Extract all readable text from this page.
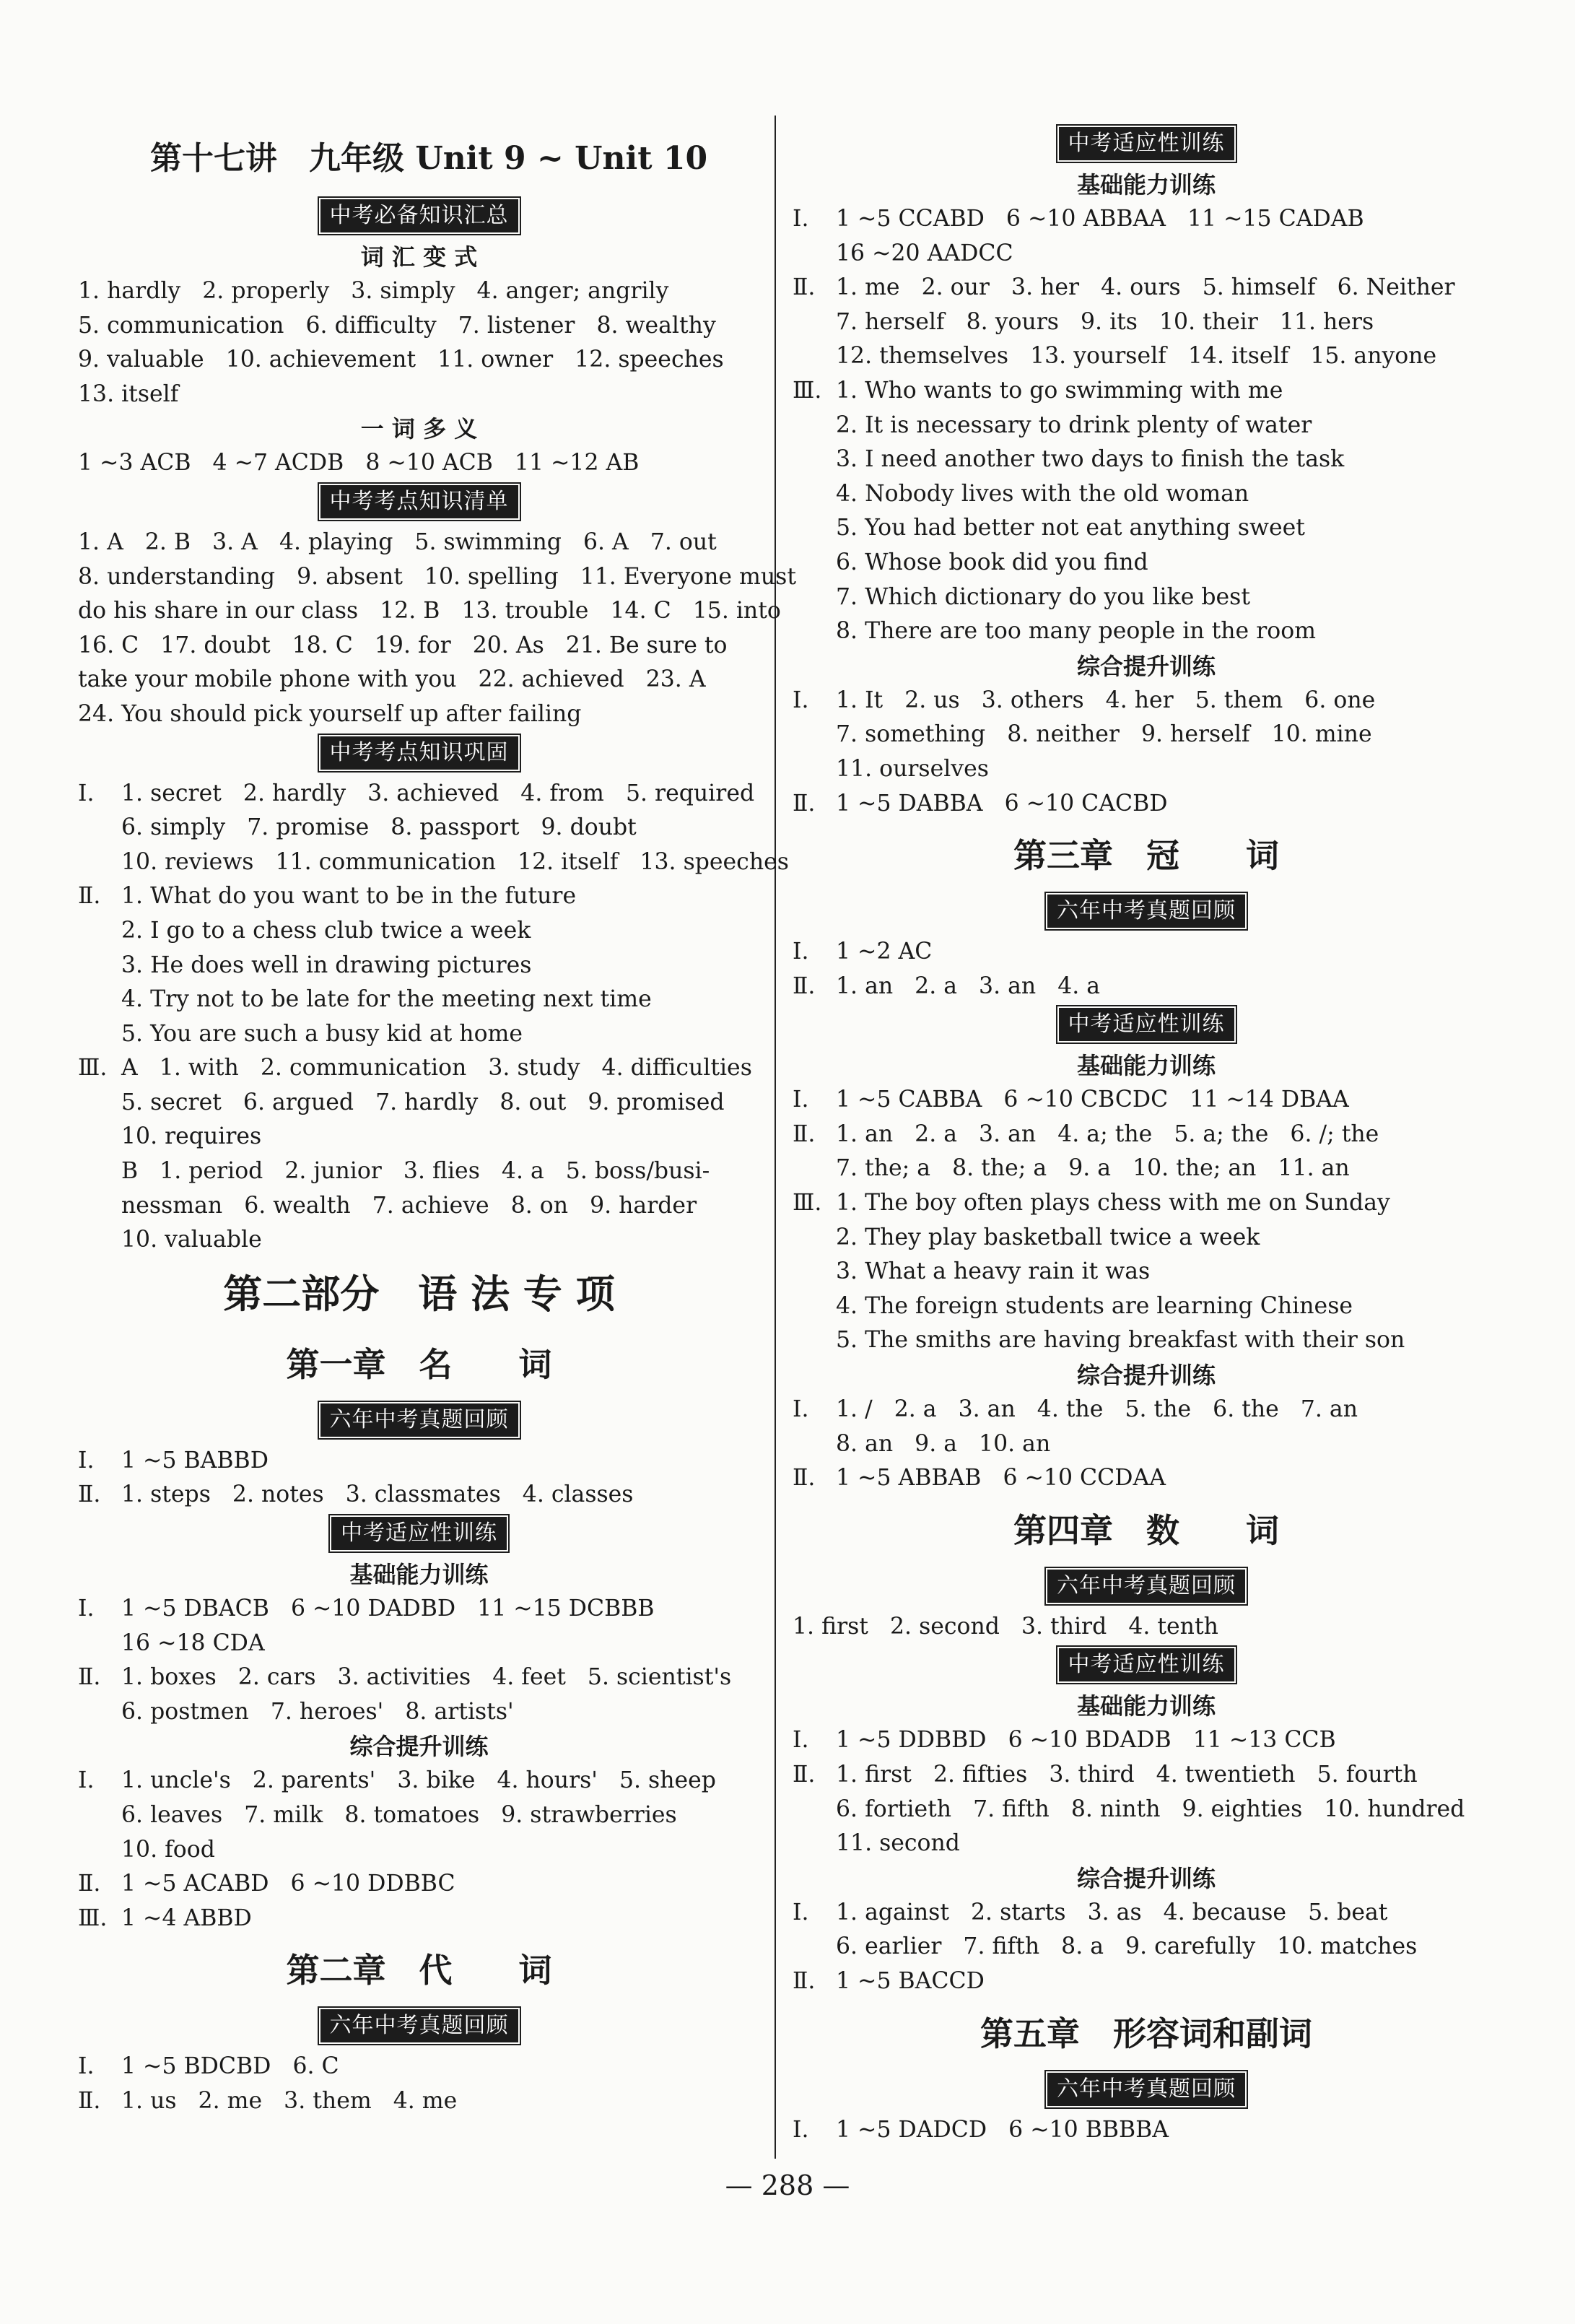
第十七讲　九年级 Unit 9 ~ Unit 10
中考必备知识汇总
词 汇 变 式
1. hardly   2. properly   3. simply   4. anger; angrily
5. communication   6. difficulty   7. listener   8. wealthy
9. valuable   10. achievement   11. owner   12. speeches
13. itself
一 词 多 义
1 ~3 ACB   4 ~7 ACDB   8 ~10 ACB   11 ~12 AB
中考考点知识清单
1. A   2. B   3. A   4. playing   5. swimming   6. A   7. out
8. understanding   9. absent   10. spelling   11. Everyone must
do his share in our class   12. B   13. trouble   14. C   15. into
16. C   17. doubt   18. C   19. for   20. As   21. Be sure to
take your mobile phone with you   22. achieved   23. A
24. You should pick yourself up after failing
中考考点知识巩固
Ⅰ. 1. secret   2. hardly   3. achieved   4. from   5. required
6. simply   7. promise   8. passport   9. doubt
10. reviews   11. communication   12. itself   13. speeches
Ⅱ. 1. What do you want to be in the future
2. I go to a chess club twice a week
3. He does well in drawing pictures
4. Try not to be late for the meeting next time
5. You are such a busy kid at home
Ⅲ. A   1. with   2. communication   3. study   4. difficulties
5. secret   6. argued   7. hardly   8. out   9. promised
10. requires
B   1. period   2. junior   3. flies   4. a   5. boss/busi-
nessman   6. wealth   7. achieve   8. on   9. harder
10. valuable
第二部分　语 法 专 项
第一章　名　　词
六年中考真题回顾
Ⅰ. 1 ~5 BABBD
Ⅱ. 1. steps   2. notes   3. classmates   4. classes
中考适应性训练
基础能力训练
Ⅰ. 1 ~5 DBACB   6 ~10 DADBD   11 ~15 DCBBB
16 ~18 CDA
Ⅱ. 1. boxes   2. cars   3. activities   4. feet   5. scientist's
6. postmen   7. heroes'   8. artists'
综合提升训练
Ⅰ. 1. uncle's   2. parents'   3. bike   4. hours'   5. sheep
6. leaves   7. milk   8. tomatoes   9. strawberries
10. food
Ⅱ. 1 ~5 ACABD   6 ~10 DDBBC
Ⅲ. 1 ~4 ABBD
第二章　代　　词
六年中考真题回顾
Ⅰ. 1 ~5 BDCBD   6. C
Ⅱ. 1. us   2. me   3. them   4. me
中考适应性训练
基础能力训练
Ⅰ. 1 ~5 CCABD   6 ~10 ABBAA   11 ~15 CADAB
16 ~20 AADCC
Ⅱ. 1. me   2. our   3. her   4. ours   5. himself   6. Neither
7. herself   8. yours   9. its   10. their   11. hers
12. themselves   13. yourself   14. itself   15. anyone
Ⅲ. 1. Who wants to go swimming with me
2. It is necessary to drink plenty of water
3. I need another two days to finish the task
4. Nobody lives with the old woman
5. You had better not eat anything sweet
6. Whose book did you find
7. Which dictionary do you like best
8. There are too many people in the room
综合提升训练
Ⅰ. 1. It   2. us   3. others   4. her   5. them   6. one
7. something   8. neither   9. herself   10. mine
11. ourselves
Ⅱ. 1 ~5 DABBA   6 ~10 CACBD
第三章　冠　　词
六年中考真题回顾
Ⅰ. 1 ~2 AC
Ⅱ. 1. an   2. a   3. an   4. a
中考适应性训练
基础能力训练
Ⅰ. 1 ~5 CABBA   6 ~10 CBCDC   11 ~14 DBAA
Ⅱ. 1. an   2. a   3. an   4. a; the   5. a; the   6. /; the
7. the; a   8. the; a   9. a   10. the; an   11. an
Ⅲ. 1. The boy often plays chess with me on Sunday
2. They play basketball twice a week
3. What a heavy rain it was
4. The foreign students are learning Chinese
5. The smiths are having breakfast with their son
综合提升训练
Ⅰ. 1. /   2. a   3. an   4. the   5. the   6. the   7. an
8. an   9. a   10. an
Ⅱ. 1 ~5 ABBAB   6 ~10 CCDAA
第四章　数　　词
六年中考真题回顾
1. first   2. second   3. third   4. tenth
中考适应性训练
基础能力训练
Ⅰ. 1 ~5 DDBBD   6 ~10 BDADB   11 ~13 CCB
Ⅱ. 1. first   2. fifties   3. third   4. twentieth   5. fourth
6. fortieth   7. fifth   8. ninth   9. eighties   10. hundred
11. second
综合提升训练
Ⅰ. 1. against   2. starts   3. as   4. because   5. beat
6. earlier   7. fifth   8. a   9. carefully   10. matches
Ⅱ. 1 ~5 BACCD
第五章　形容词和副词
六年中考真题回顾
Ⅰ. 1 ~5 DADCD   6 ~10 BBBBA
— 288 —
